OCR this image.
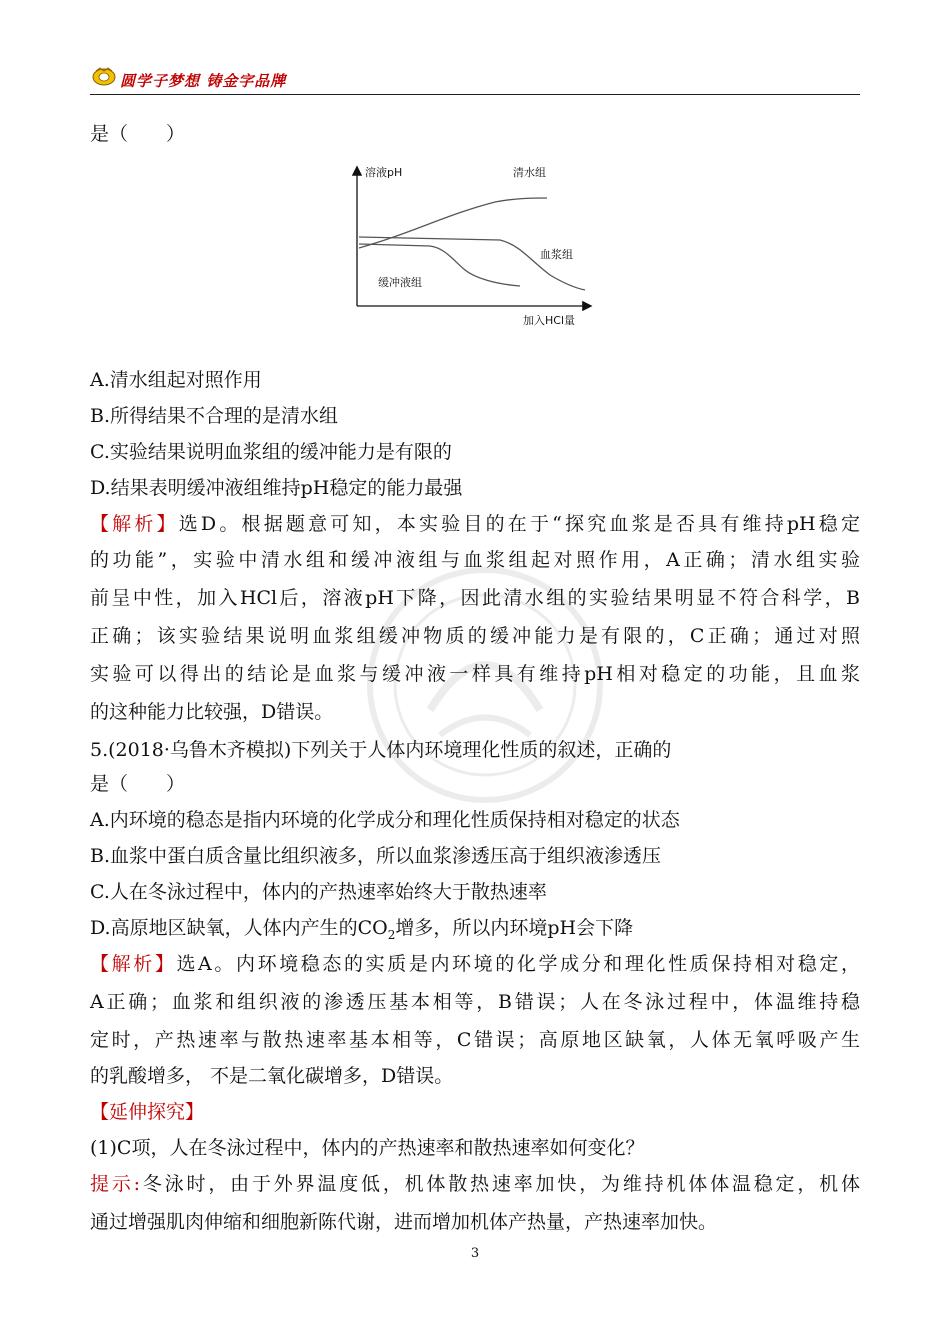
圆学子梦想 铸金字品牌
是（　　）
溶液pH	清水组
血浆组
缓冲液组
加入HCl量
A.清水组起对照作用
B.所得结果不合理的是清水组
C.实验结果说明血浆组的缓冲能力是有限的
D.结果表明缓冲液组维持pH稳定的能力最强
【解析】选D。根据题意可知，本实验目的在于“探究血浆是否具有维持pH稳定
的功能”，实验中清水组和缓冲液组与血浆组起对照作用，A正确；清水组实验
前呈中性，加入HCl后，溶液pH下降，因此清水组的实验结果明显不符合科学，B
正确；该实验结果说明血浆组缓冲物质的缓冲能力是有限的，C正确；通过对照
实验可以得出的结论是血浆与缓冲液一样具有维持pH相对稳定的功能，且血浆
的这种能力比较强，D错误。
5.(2018·乌鲁木齐模拟)下列关于人体内环境理化性质的叙述，正确的
是（　　）
A.内环境的稳态是指内环境的化学成分和理化性质保持相对稳定的状态
B.血浆中蛋白质含量比组织液多，所以血浆渗透压高于组织液渗透压
C.人在冬泳过程中，体内的产热速率始终大于散热速率
D.高原地区缺氧，人体内产生的$CO_2$增多，所以内环境pH会下降
【解析】选A。内环境稳态的实质是内环境的化学成分和理化性质保持相对稳定，
A正确；血浆和组织液的渗透压基本相等，B错误；人在冬泳过程中，体温维持稳
定时，产热速率与散热速率基本相等，C错误；高原地区缺氧，人体无氧呼吸产生
的乳酸增多， 不是二氧化碳增多，D错误。
【延伸探究】
(1)C项，人在冬泳过程中，体内的产热速率和散热速率如何变化？
提示:冬泳时，由于外界温度低，机体散热速率加快，为维持机体体温稳定，机体
通过增强肌肉伸缩和细胞新陈代谢，进而增加机体产热量，产热速率加快。
3
